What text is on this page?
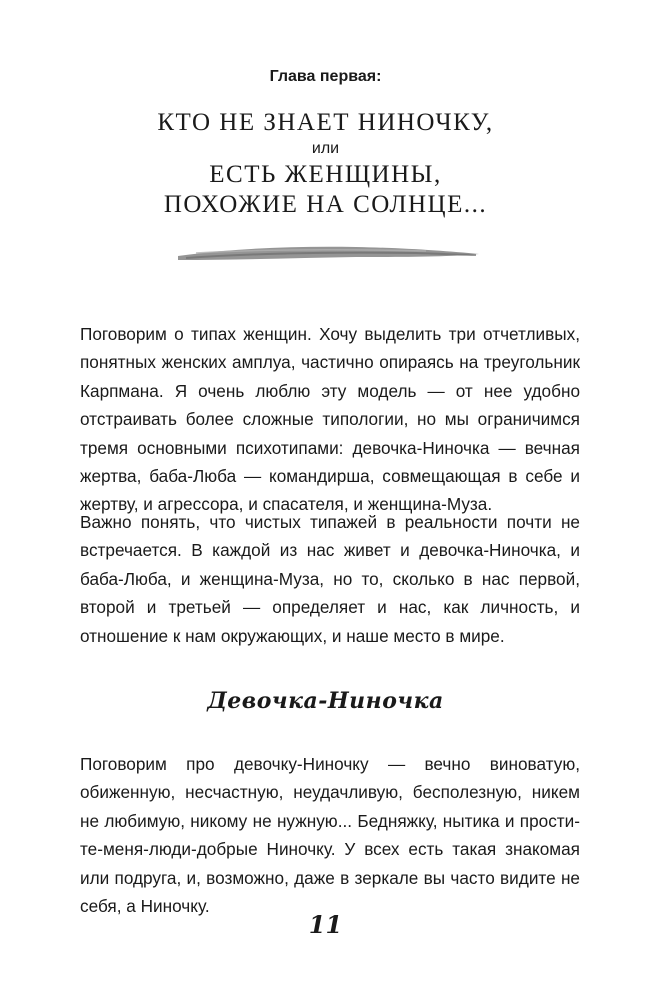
Глава первая:
КТО НЕ ЗНАЕТ НИНОЧКУ,
или
ЕСТЬ ЖЕНЩИНЫ,
ПОХОЖИЕ НА СОЛНЦЕ...
Поговорим о типах женщин. Хочу выделить три отчетливых, понятных женских амплуа, частично опираясь на треугольник Карпмана. Я очень люблю эту модель — от нее удобно отстраивать более сложные типологии, но мы ограничимся тремя основными психотипами: девочка-Ниночка — вечная жертва, баба-Люба — командирша, совмещающая в себе и жертву, и агрессора, и спасателя, и женщина-Муза.
Важно понять, что чистых типажей в реальности почти не встречается. В каждой из нас живет и девочка-Ниночка, и баба-Люба, и женщина-Муза, но то, сколько в нас первой, второй и третьей — определяет и нас, как личность, и отношение к нам окружающих, и наше место в мире.
Девочка-Ниночка
Поговорим про девочку-Ниночку — вечно виноватую, обиженную, несчастную, неудачливую, бесполезную, никем не любимую, никому не нужную... Бедняжку, нытика и прости-те-меня-люди-добрые Ниночку. У всех есть такая знакомая или подруга, и, возможно, даже в зеркале вы часто видите не себя, а Ниночку.
11
